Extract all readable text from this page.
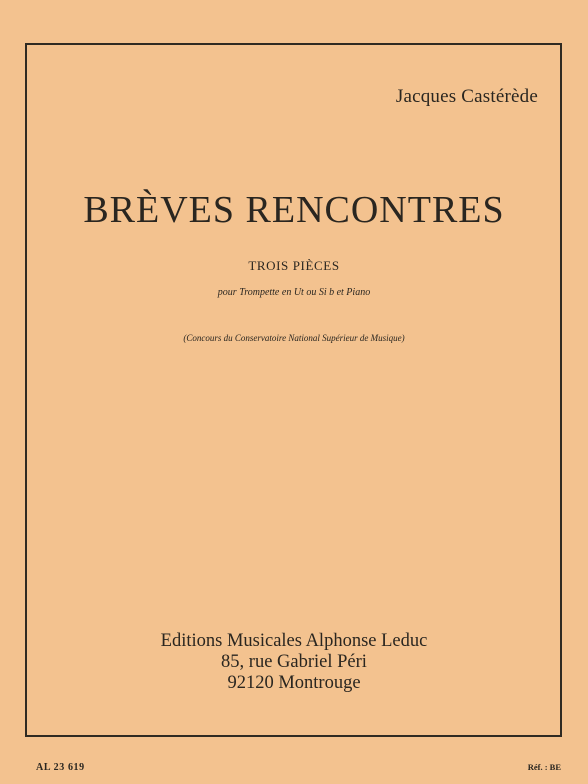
Jacques Castérède
BRÈVES RENCONTRES
TROIS PIÈCES
pour Trompette en Ut ou Si b et Piano
(Concours du Conservatoire National Supérieur de Musique)
Editions Musicales Alphonse Leduc
85, rue Gabriel Péri
92120 Montrouge
AL 23 619	Réf. : BE
